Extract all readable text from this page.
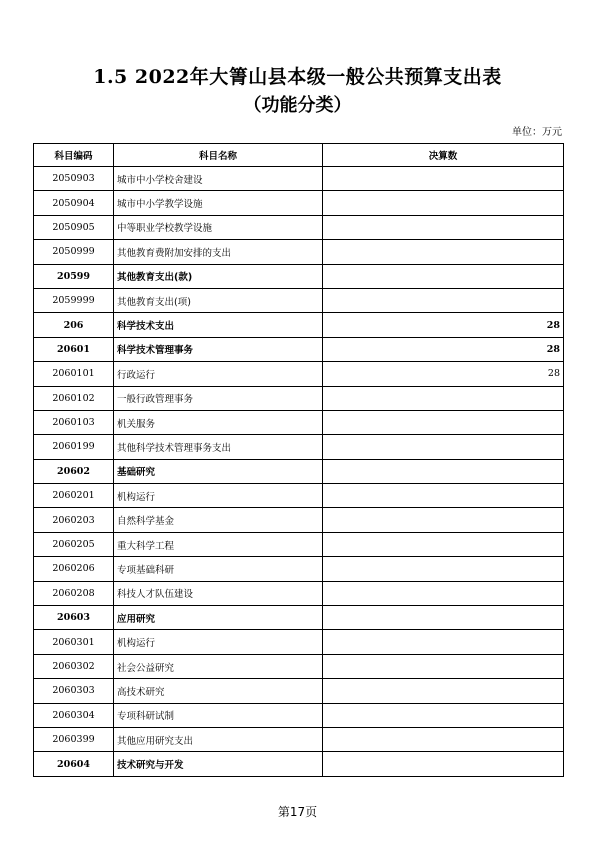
1.5 2022年大箐山县本级一般公共预算支出表
（功能分类）
单位：万元
科目编码	科目名称	决算数
2050903	城市中小学校舍建设	
2050904	城市中小学教学设施	
2050905	中等职业学校教学设施	
2050999	其他教育费附加安排的支出	
20599	其他教育支出(款)	
2059999	其他教育支出(项)	
206	科学技术支出	28
20601	科学技术管理事务	28
2060101	行政运行	28
2060102	一般行政管理事务	
2060103	机关服务	
2060199	其他科学技术管理事务支出	
20602	基础研究	
2060201	机构运行	
2060203	自然科学基金	
2060205	重大科学工程	
2060206	专项基础科研	
2060208	科技人才队伍建设	
20603	应用研究	
2060301	机构运行	
2060302	社会公益研究	
2060303	高技术研究	
2060304	专项科研试制	
2060399	其他应用研究支出	
20604	技术研究与开发	
第17页
